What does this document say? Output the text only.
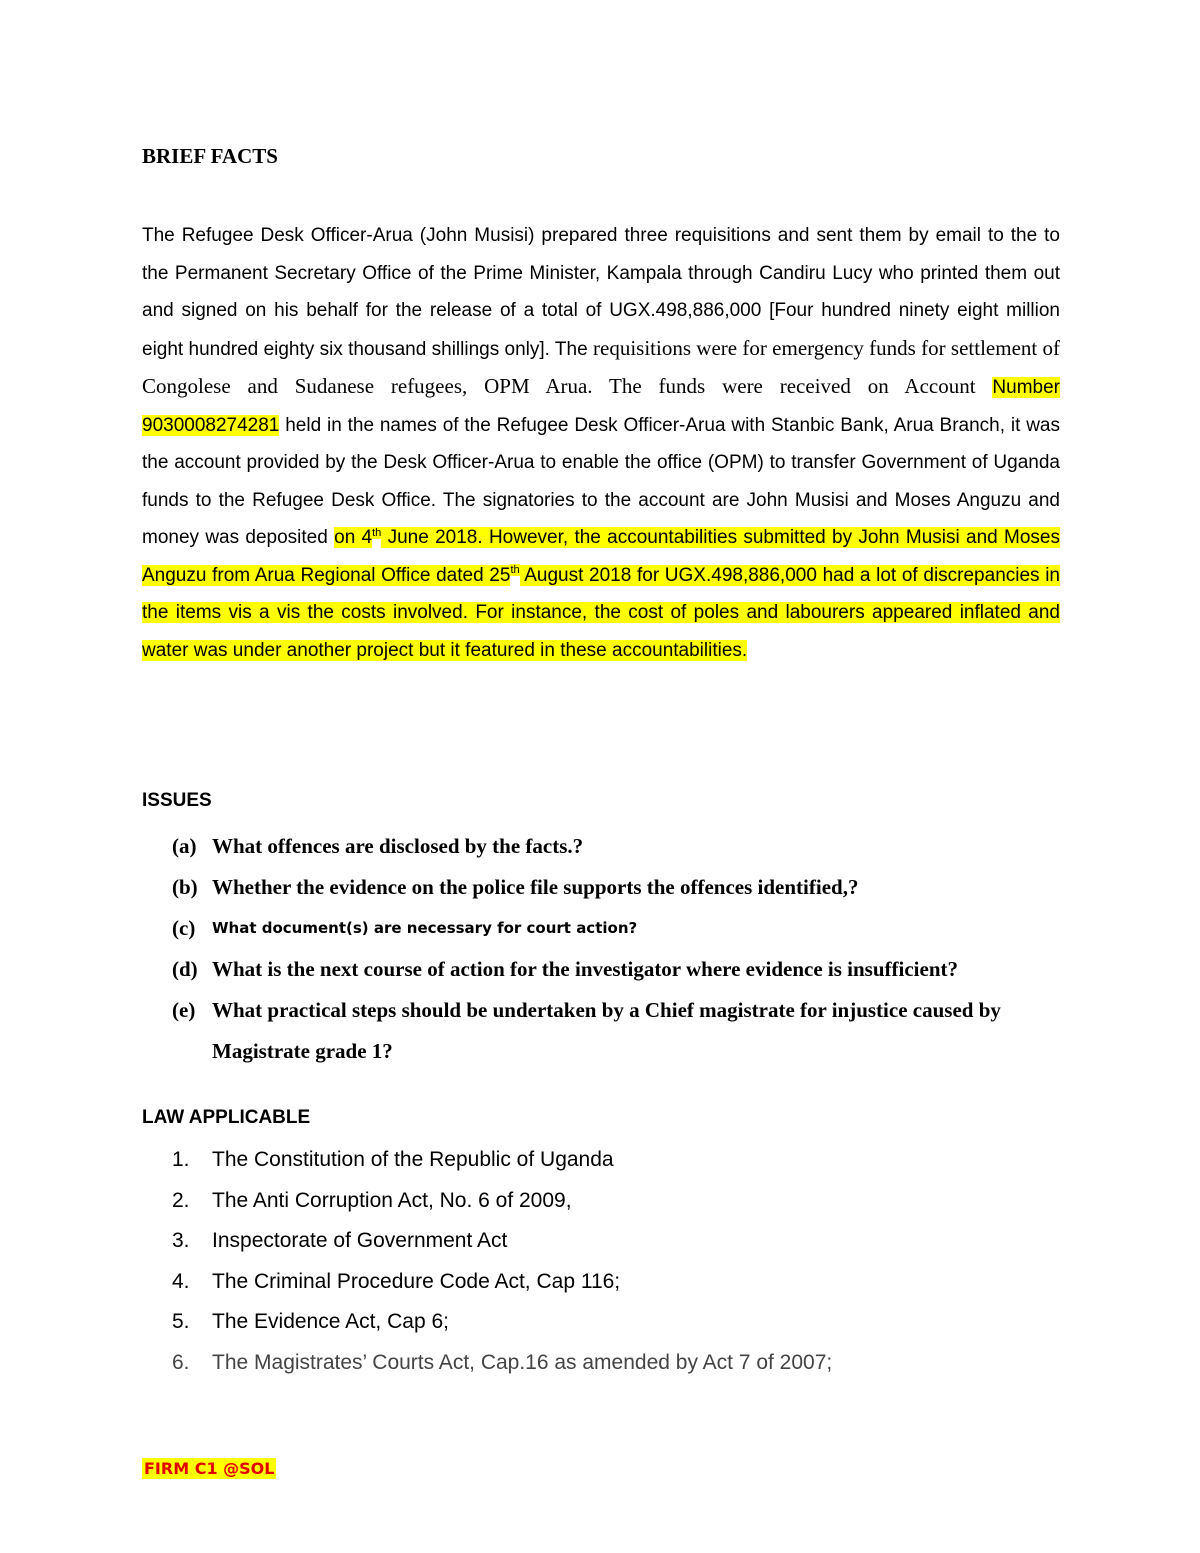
BRIEF FACTS

The Refugee Desk Officer-Arua (John Musisi) prepared three requisitions and sent them by email to the to the Permanent Secretary Office of the Prime Minister, Kampala through Candiru Lucy who printed them out and signed on his behalf for the release of a total of UGX.498,886,000 [Four hundred ninety eight million eight hundred eighty six thousand shillings only]. The requisitions were for emergency funds for settlement of Congolese and Sudanese refugees, OPM Arua. The funds were received on Account Number 9030008274281 held in the names of the Refugee Desk Officer-Arua with Stanbic Bank, Arua Branch, it was the account provided by the Desk Officer-Arua to enable the office (OPM) to transfer Government of Uganda funds to the Refugee Desk Office. The signatories to the account are John Musisi and Moses Anguzu and money was deposited on 4th June 2018. However, the accountabilities submitted by John Musisi and Moses Anguzu from Arua Regional Office dated 25th August 2018 for UGX.498,886,000 had a lot of discrepancies in the items vis a vis the costs involved. For instance, the cost of poles and labourers appeared inflated and water was under another project but it featured in these accountabilities.

ISSUES
(a) What offences are disclosed by the facts.?
(b) Whether the evidence on the police file supports the offences identified,?
(c) What document(s) are necessary for court action?
(d) What is the next course of action for the investigator where evidence is insufficient?
(e) What practical steps should be undertaken by a Chief magistrate for injustice caused by Magistrate grade 1?
LAW APPLICABLE
1. The Constitution of the Republic of Uganda
2. The Anti Corruption Act, No. 6 of 2009,
3. Inspectorate of Government Act
4. The Criminal Procedure Code Act, Cap 116;
5. The Evidence Act, Cap 6;
6. The Magistrates’ Courts Act, Cap.16 as amended by Act 7 of 2007;
FIRM C1 @SOL
